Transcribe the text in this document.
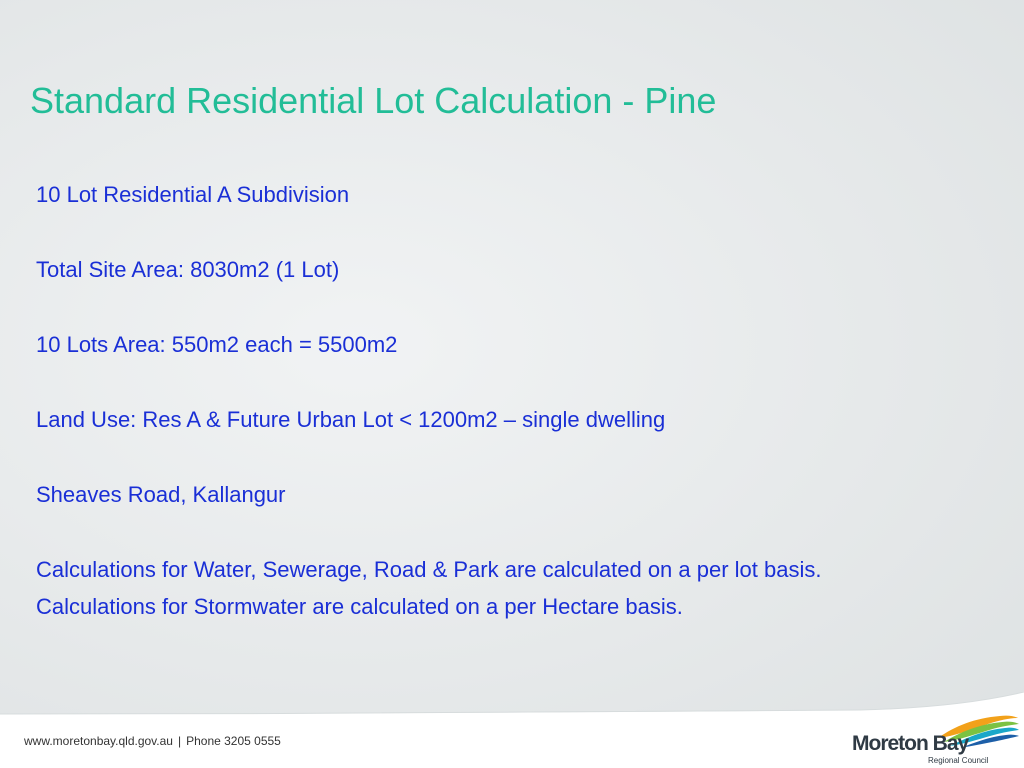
Standard Residential Lot Calculation - Pine

10 Lot Residential A Subdivision

Total Site Area: 8030m2 (1 Lot)

10 Lots Area: 550m2 each = 5500m2

Land Use: Res A & Future Urban Lot < 1200m2 – single dwelling

Sheaves Road, Kallangur

Calculations for Water, Sewerage, Road & Park are calculated on a per lot basis.

Calculations for Stormwater are calculated on a per Hectare basis.

www.moretonbay.qld.gov.au | Phone 3205 0555	Moreton Bay
Regional Council
